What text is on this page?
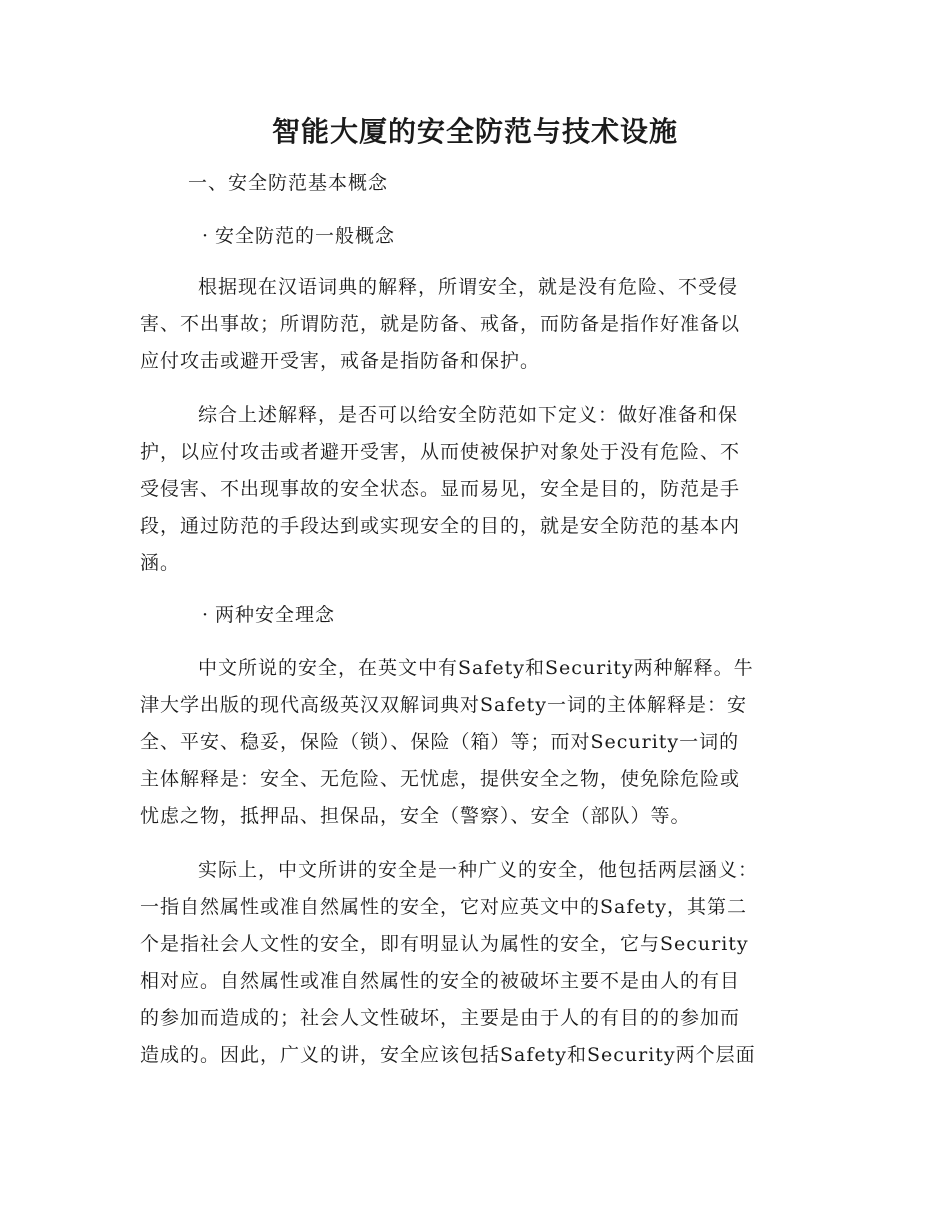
智能大厦的安全防范与技术设施
一、安全防范基本概念

· 安全防范的一般概念

根据现在汉语词典的解释，所谓安全，就是没有危险、不受侵
害、不出事故；所谓防范，就是防备、戒备，而防备是指作好准备以
应付攻击或避开受害，戒备是指防备和保护。
综合上述解释，是否可以给安全防范如下定义：做好准备和保
护，以应付攻击或者避开受害，从而使被保护对象处于没有危险、不
受侵害、不出现事故的安全状态。显而易见，安全是目的，防范是手
段，通过防范的手段达到或实现安全的目的，就是安全防范的基本内
涵。

· 两种安全理念

中文所说的安全，在英文中有Safety和Security两种解释。牛
津大学出版的现代高级英汉双解词典对Safety一词的主体解释是：安
全、平安、稳妥，保险（锁）、保险（箱）等；而对Security一词的
主体解释是：安全、无危险、无忧虑，提供安全之物，使免除危险或
忧虑之物，抵押品、担保品，安全（警察）、安全（部队）等。
实际上，中文所讲的安全是一种广义的安全，他包括两层涵义：
一指自然属性或准自然属性的安全，它对应英文中的Safety，其第二
个是指社会人文性的安全，即有明显认为属性的安全，它与Security
相对应。自然属性或准自然属性的安全的被破坏主要不是由人的有目
的参加而造成的；社会人文性破坏，主要是由于人的有目的的参加而
造成的。因此，广义的讲，安全应该包括Safety和Security两个层面
